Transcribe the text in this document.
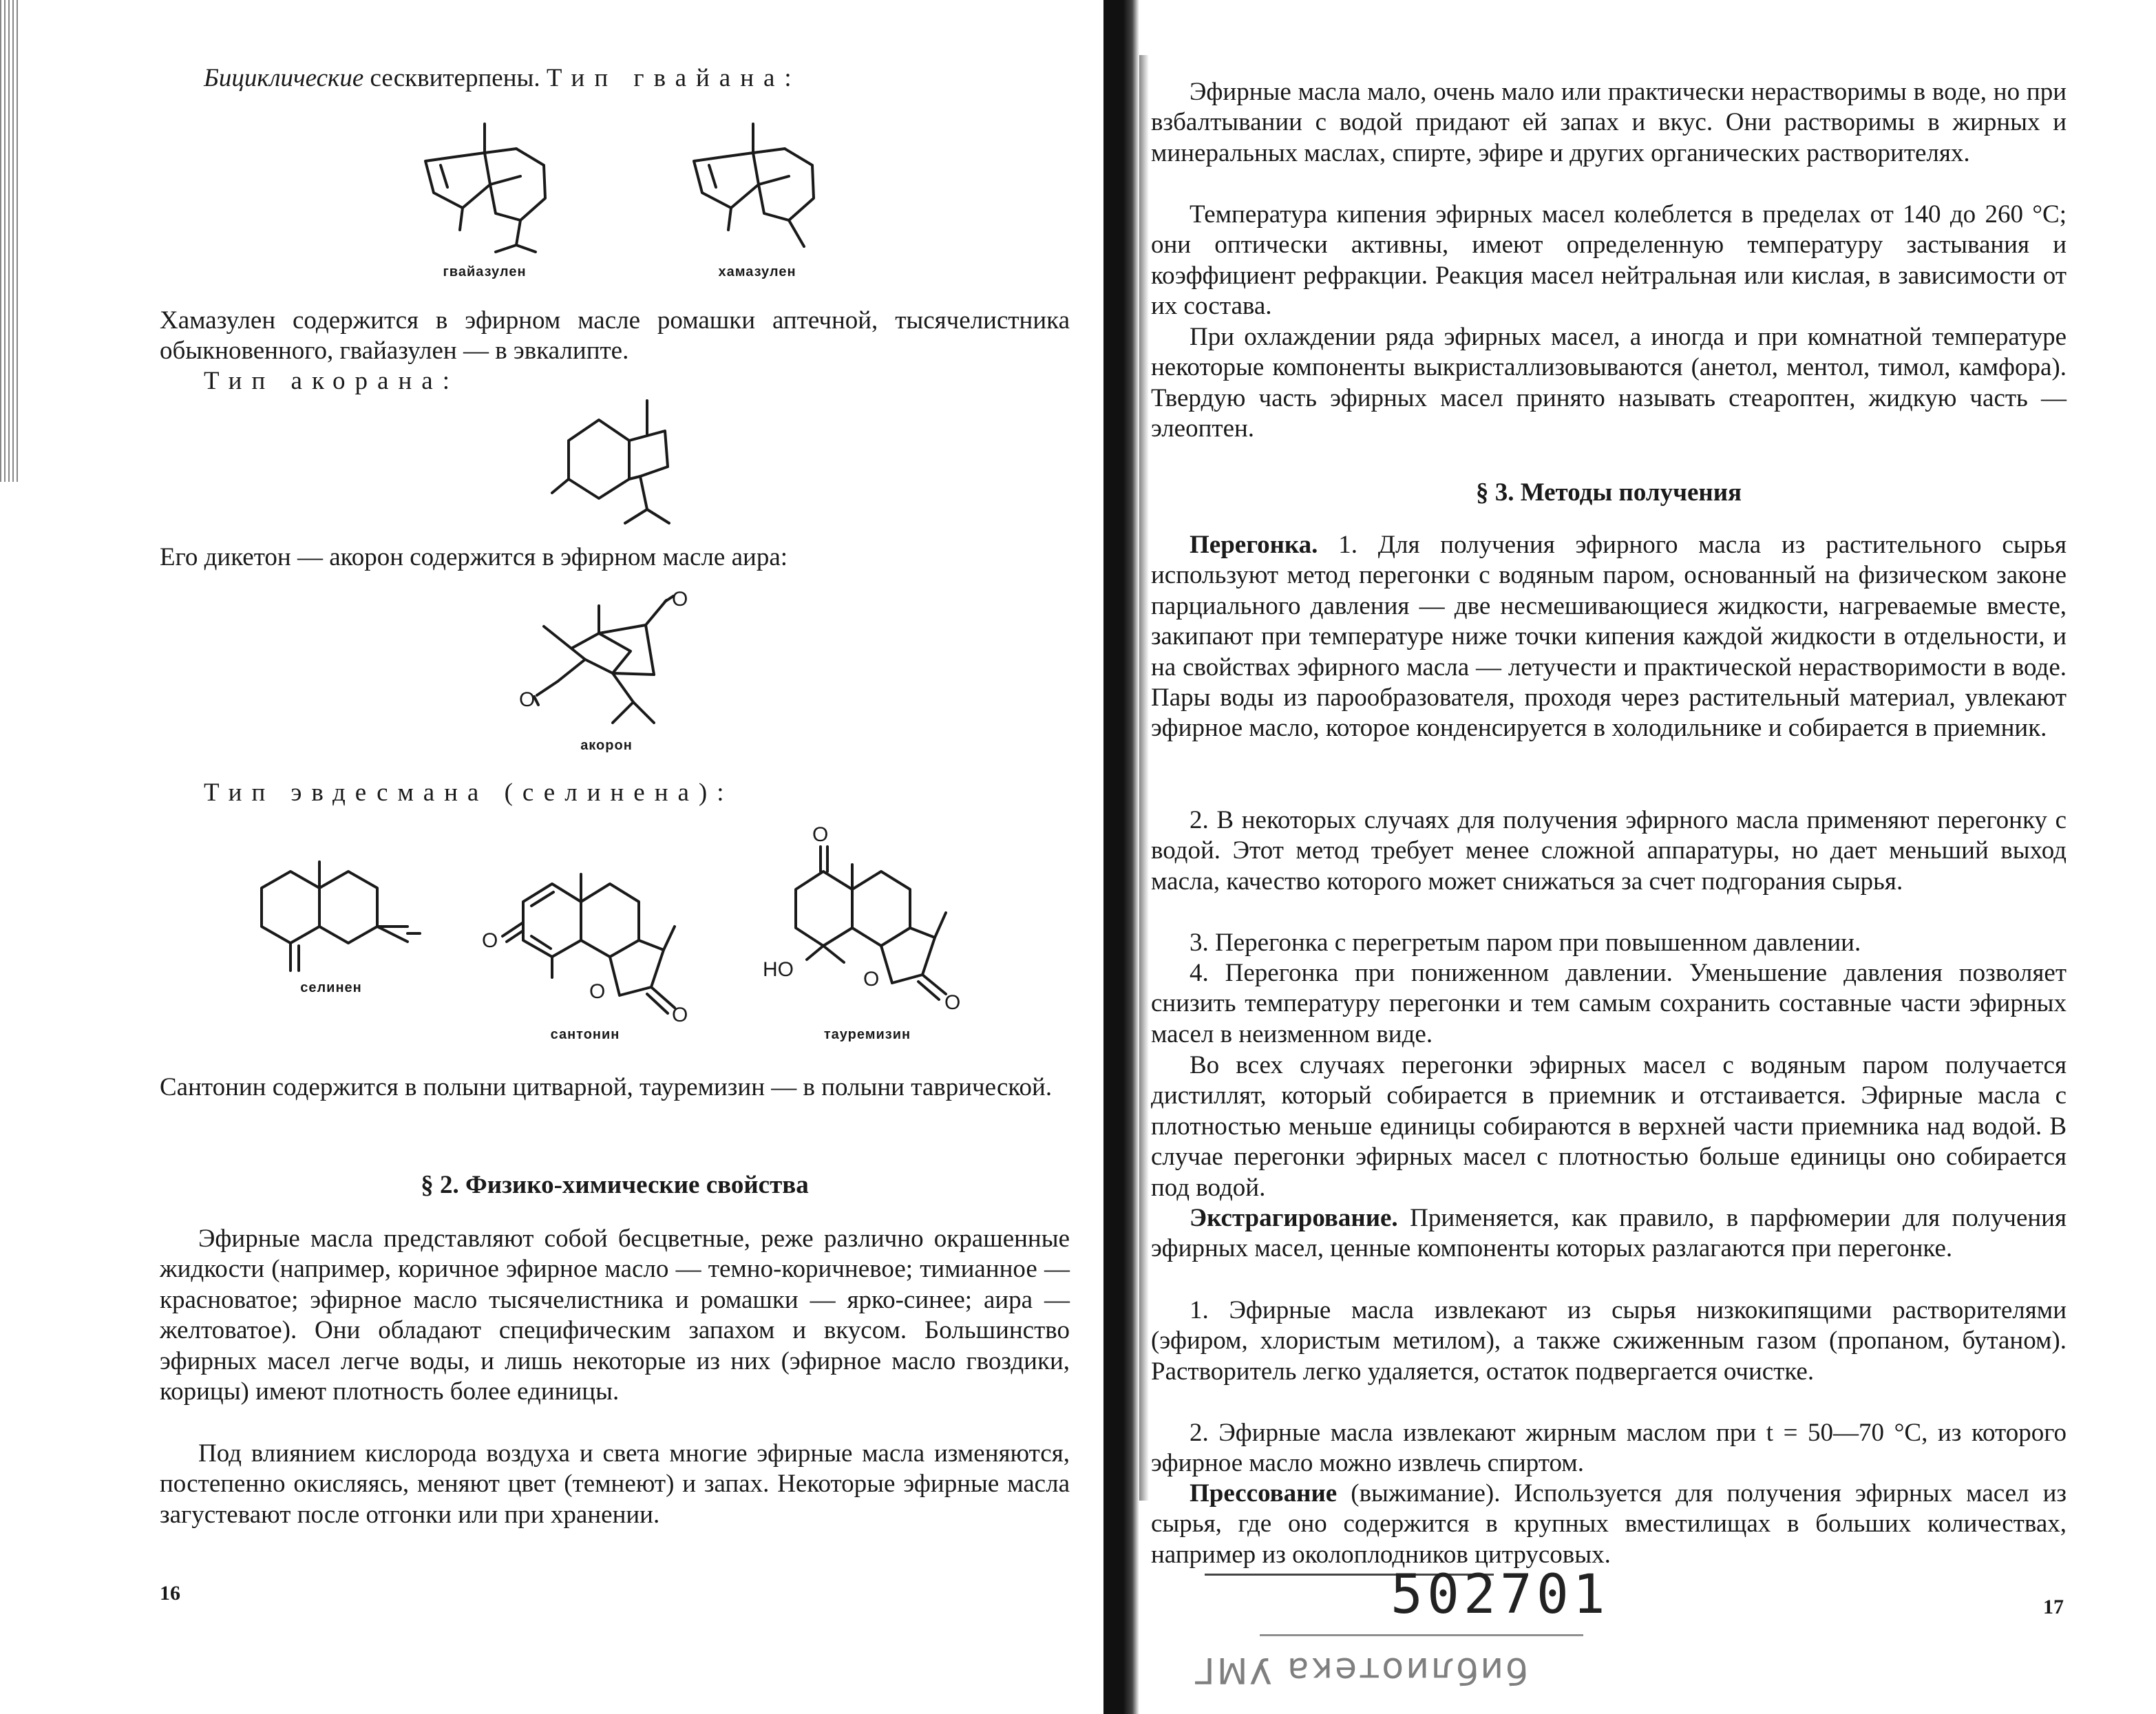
Бициклические сесквитерпены. Тип гвайана:

гвайазулен	хамазулен

Хамазулен содержится в эфирном масле ромашки аптечной, тысячелистника обыкновенного, гвайазулен — в эвкалипте.

Тип акорана:

Его дикетон — акорон содержится в эфирном масле аира:

O
O
акорон

Тип эвдесмана (селинена):

селинен
O
O
O
сантонин
O
HO	O
O
тауремизин

Сантонин содержится в полыни цитварной, тауремизин — в полыни таврической.

§ 2. Физико-химические свойства

Эфирные масла представляют собой бесцветные, реже различно окрашенные жидкости (например, коричное эфирное масло — темно-коричневое; тимианное — красноватое; эфирное масло тысячелистника и ромашки — ярко-синее; аира — желтоватое). Они обладают специфическим запахом и вкусом. Большинство эфирных масел легче воды, и лишь некоторые из них (эфирное масло гвоздики, корицы) имеют плотность более единицы.

Под влиянием кислорода воздуха и света многие эфирные масла изменяются, постепенно окисляясь, меняют цвет (темнеют) и запах. Некоторые эфирные масла загустевают после отгонки или при хранении.

16

Эфирные масла мало, очень мало или практически нерастворимы в воде, но при взбалтывании с водой придают ей запах и вкус. Они растворимы в жирных и минеральных маслах, спирте, эфире и других органических растворителях.

Температура кипения эфирных масел колеблется в пределах от 140 до 260 °С; они оптически активны, имеют определенную температуру застывания и коэффициент рефракции. Реакция масел нейтральная или кислая, в зависимости от их состава.

При охлаждении ряда эфирных масел, а иногда и при комнатной температуре некоторые компоненты выкристаллизовываются (анетол, ментол, тимол, камфора). Твердую часть эфирных масел принято называть стеароптен, жидкую часть — элеоптен.

§ 3. Методы получения

Перегонка. 1. Для получения эфирного масла из растительного сырья используют метод перегонки с водяным паром, основанный на физическом законе парциального давления — две несмешивающиеся жидкости, нагреваемые вместе, закипают при температуре ниже точки кипения каждой жидкости в отдельности, и на свойствах эфирного масла — летучести и практической нерастворимости в воде. Пары воды из парообразователя, проходя через растительный материал, увлекают эфирное масло, которое конденсируется в холодильнике и собирается в приемник.

2. В некоторых случаях для получения эфирного масла применяют перегонку с водой. Этот метод требует менее сложной аппаратуры, но дает меньший выход масла, качество которого может снижаться за счет подгорания сырья.

3. Перегонка с перегретым паром при повышенном давлении.

4. Перегонка при пониженном давлении. Уменьшение давления позволяет снизить температуру перегонки и тем самым сохранить составные части эфирных масел в неизменном виде.

Во всех случаях перегонки эфирных масел с водяным паром получается дистиллят, который собирается в приемник и отстаивается. Эфирные масла с плотностью меньше единицы собираются в верхней части приемника над водой. В случае перегонки эфирных масел с плотностью больше единицы оно собирается под водой.

Экстрагирование. Применяется, как правило, в парфюмерии для получения эфирных масел, ценные компоненты которых разлагаются при перегонке.

1. Эфирные масла извлекают из сырья низкокипящими растворителями (эфиром, хлористым метилом), а также сжиженным газом (пропаном, бутаном). Растворитель легко удаляется, остаток подвергается очистке.

2. Эфирные масла извлекают жирным маслом при t = 50—70 °С, из которого эфирное масло можно извлечь спиртом.

Прессование (выжимание). Используется для получения эфирных масел из сырья, где оно содержится в крупных вместилищах в больших количествах, например из околоплодников цитрусовых.

17
502701
библиотека УМГ
